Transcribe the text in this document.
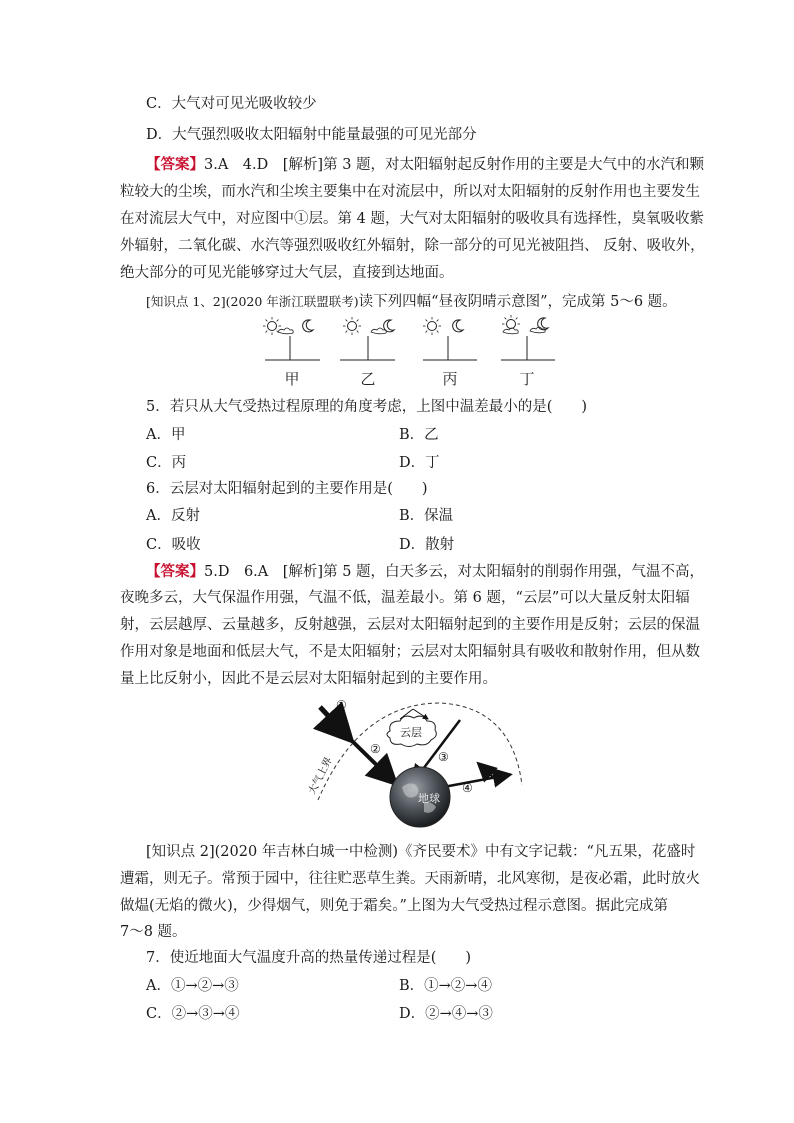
C．大气对可见光吸收较少
D．大气强烈吸收太阳辐射中能量最强的可见光部分
【答案】3.A　4.D　[解析]第 3 题，对太阳辐射起反射作用的主要是大气中的水汽和颗
粒较大的尘埃，而水汽和尘埃主要集中在对流层中，所以对太阳辐射的反射作用也主要发生
在对流层大气中，对应图中①层。第 4 题，大气对太阳辐射的吸收具有选择性，臭氧吸收紫
外辐射，二氧化碳、水汽等强烈吸收红外辐射，除一部分的可见光被阻挡、 反射、吸收外，
绝大部分的可见光能够穿过大气层，直接到达地面。
[知识点 1、2](2020 年浙江联盟联考)读下列四幅“昼夜阴晴示意图”，完成第 5～6 题。
甲	乙	丙	丁
5．若只从大气受热过程原理的角度考虑，上图中温差最小的是(　　)
A．甲	B．乙
C．丙	D．丁
6．云层对太阳辐射起到的主要作用是(　　)
A．反射	B．保温
C．吸收	D．散射
【答案】5.D　6.A　[解析]第 5 题，白天多云，对太阳辐射的削弱作用强，气温不高，
夜晚多云，大气保温作用强，气温不低，温差最小。第 6 题，“云层”可以大量反射太阳辐
射，云层越厚、云量越多，反射越强，云层对太阳辐射起到的主要作用是反射；云层的保温
作用对象是地面和低层大气，不是太阳辐射；云层对太阳辐射具有吸收和散射作用，但从数
量上比反射小，因此不是云层对太阳辐射起到的主要作用。
云层
地球
大气上界
①
②
③
④
[知识点 2](2020 年吉林白城一中检测)《齐民要术》中有文字记载：“凡五果，花盛时
遭霜，则无子。常预于园中，往往贮恶草生粪。天雨新晴，北风寒彻，是夜必霜，此时放火
做煴(无焰的微火)，少得烟气，则免于霜矣。”上图为大气受热过程示意图。据此完成第
7～8 题。
7．使近地面大气温度升高的热量传递过程是(　　)
A．①→②→③	B．①→②→④
C．②→③→④	D．②→④→③
